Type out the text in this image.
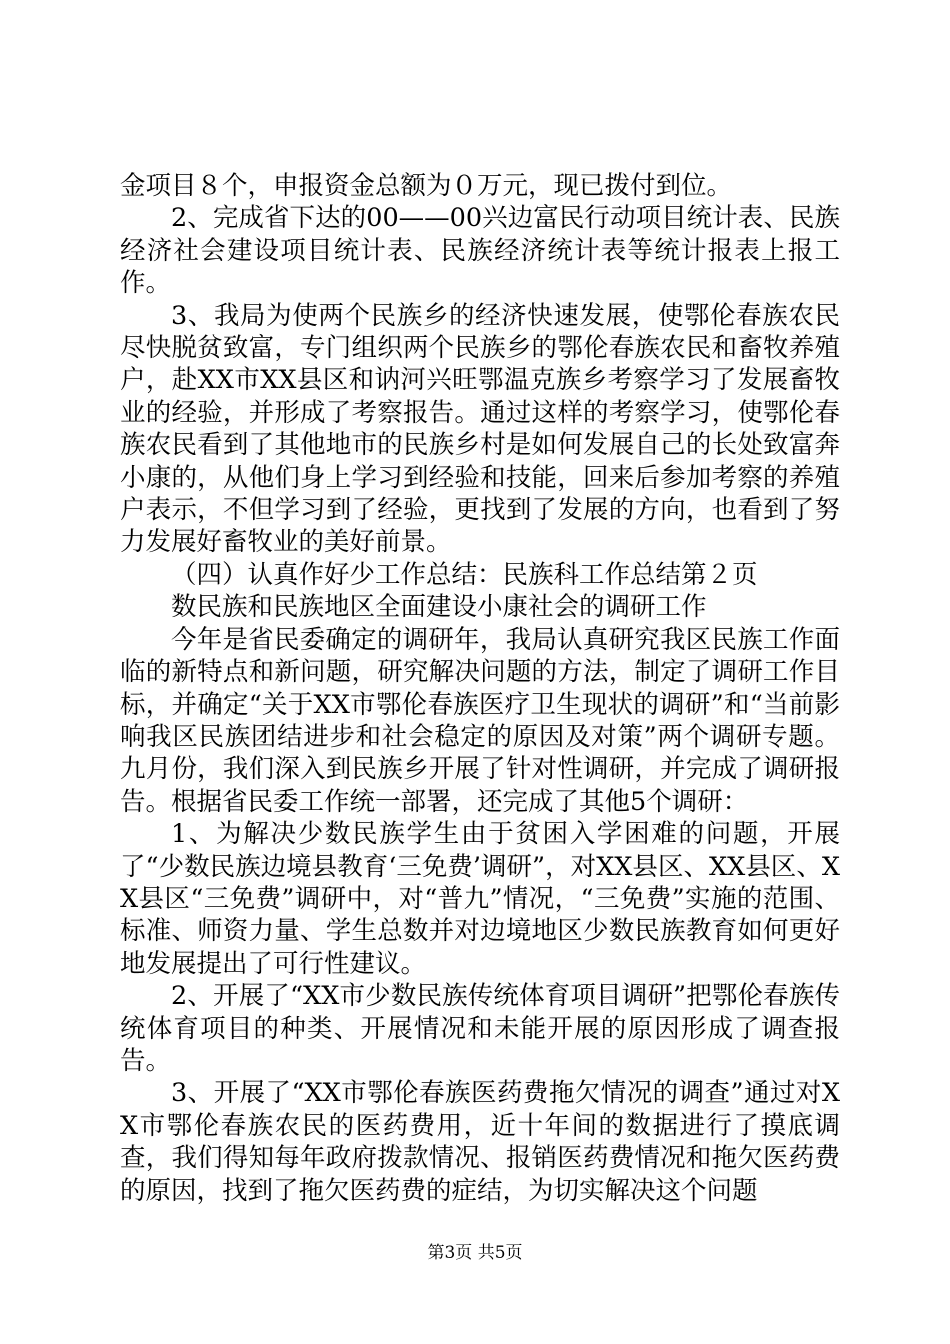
金项目８个，申报资金总额为０万元，现已拨付到位。

2、完成省下达的00——00兴边富民行动项目统计表、民族经济社会建设项目统计表、民族经济统计表等统计报表上报工作。

3、我局为使两个民族乡的经济快速发展，使鄂伦春族农民尽快脱贫致富，专门组织两个民族乡的鄂伦春族农民和畜牧养殖户，赴XX市XX县区和讷河兴旺鄂温克族乡考察学习了发展畜牧业的经验，并形成了考察报告。通过这样的考察学习，使鄂伦春族农民看到了其他地市的民族乡村是如何发展自己的长处致富奔小康的，从他们身上学习到经验和技能，回来后参加考察的养殖户表示，不但学习到了经验，更找到了发展的方向，也看到了努力发展好畜牧业的美好前景。

（四）认真作好少工作总结：民族科工作总结第２页

数民族和民族地区全面建设小康社会的调研工作

今年是省民委确定的调研年，我局认真研究我区民族工作面临的新特点和新问题，研究解决问题的方法，制定了调研工作目标，并确定“关于XX市鄂伦春族医疗卫生现状的调研”和“当前影响我区民族团结进步和社会稳定的原因及对策”两个调研专题。九月份，我们深入到民族乡开展了针对性调研，并完成了调研报告。根据省民委工作统一部署，还完成了其他5个调研：

1、为解决少数民族学生由于贫困入学困难的问题，开展了“少数民族边境县教育‘三免费’调研”，对XX县区、XX县区、XX县区“三免费”调研中，对“普九”情况，“三免费”实施的范围、标准、师资力量、学生总数并对边境地区少数民族教育如何更好地发展提出了可行性建议。

2、开展了“XX市少数民族传统体育项目调研”把鄂伦春族传统体育项目的种类、开展情况和未能开展的原因形成了调查报告。

3、开展了“XX市鄂伦春族医药费拖欠情况的调查”通过对XX市鄂伦春族农民的医药费用，近十年间的数据进行了摸底调查，我们得知每年政府拨款情况、报销医药费情况和拖欠医药费的原因，找到了拖欠医药费的症结，为切实解决这个问题

第3页 共5页
